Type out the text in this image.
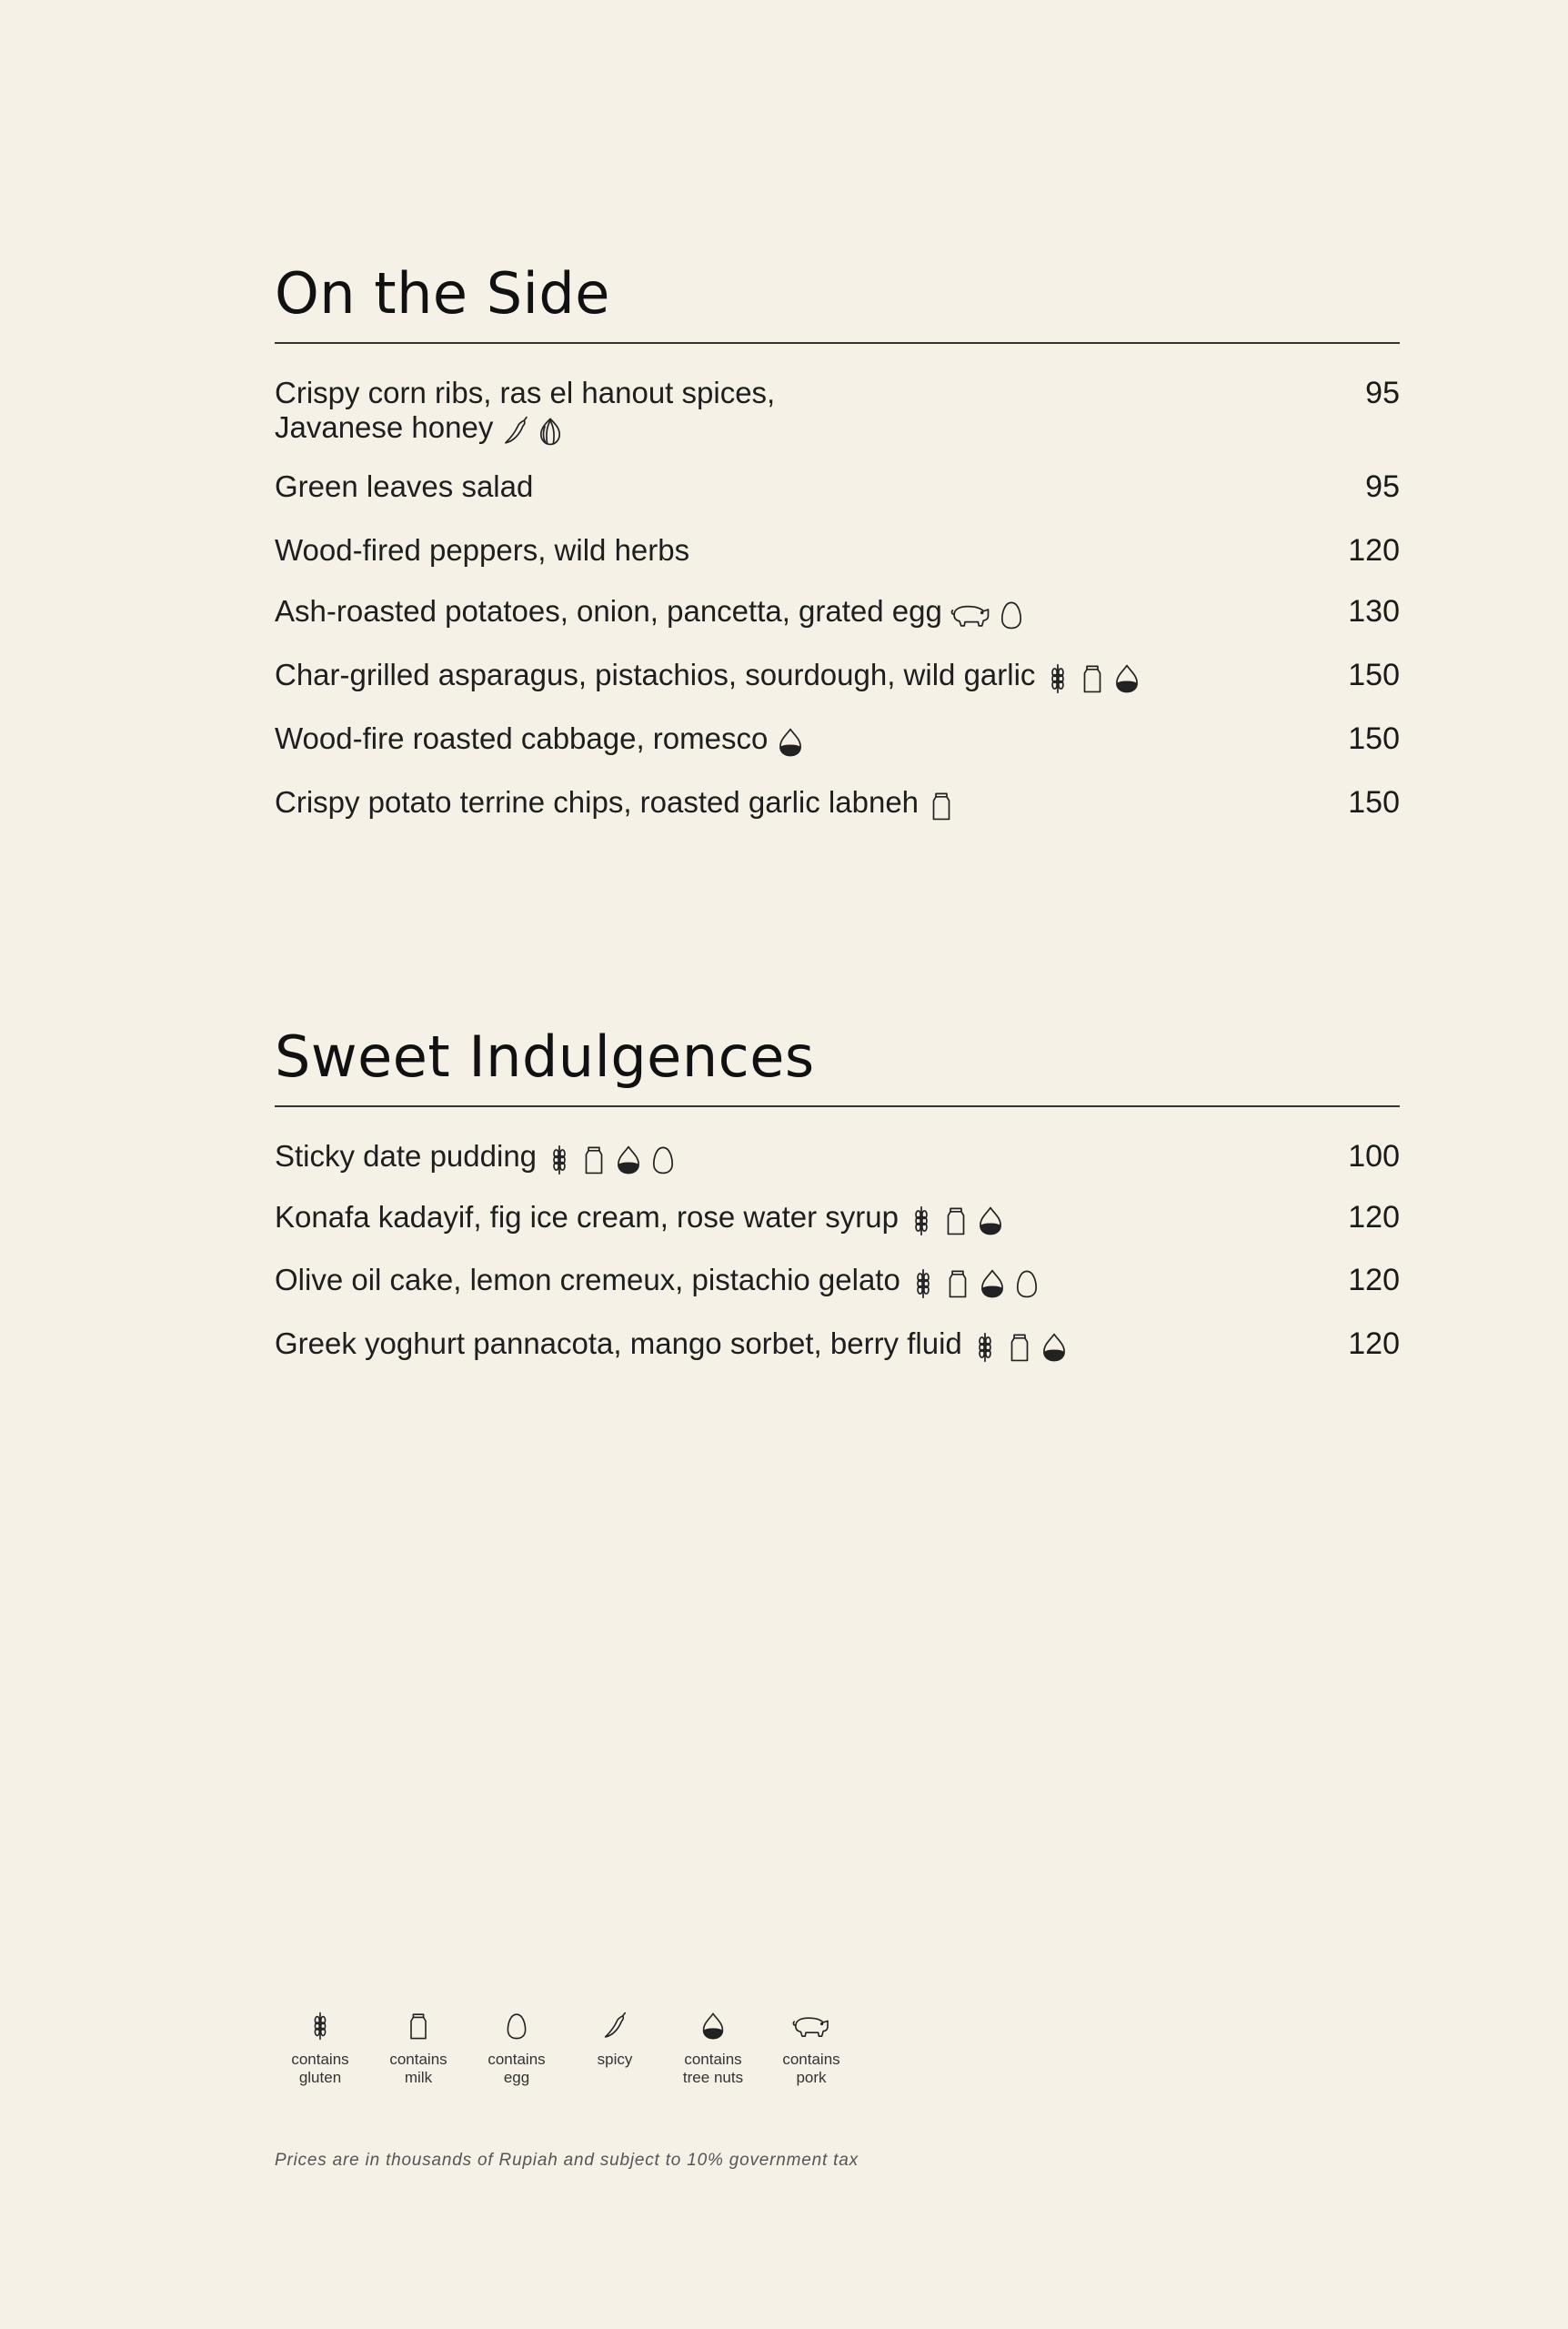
On the Side
Crispy corn ribs, ras el hanout spices,
Javanese honey
95
Green leaves salad	95
Wood-fired peppers, wild herbs	120
Ash-roasted potatoes, onion, pancetta, grated egg	130
Char-grilled asparagus, pistachios, sourdough, wild garlic	150
Wood-fire roasted cabbage, romesco	150
Crispy potato terrine chips, roasted garlic labneh	150
Sweet Indulgences
Sticky date pudding	100
Konafa kadayif, fig ice cream, rose water syrup	120
Olive oil cake, lemon cremeux, pistachio gelato	120
Greek yoghurt pannacota, mango sorbet, berry fluid	120
contains
gluten
contains
milk
contains
egg
spicy	contains
tree nuts
contains
pork
Prices are in thousands of Rupiah and subject to 10% government tax
